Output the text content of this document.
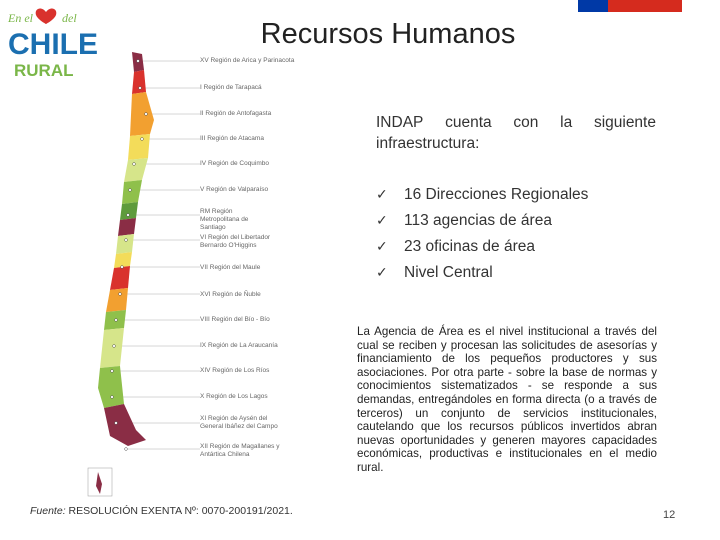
En el del
CHILE
RURAL
Recursos Humanos
XV Región de Arica y Parinacota
I Región de Tarapacá
II Región de Antofagasta
III Región de Atacama
IV Región de Coquimbo
V Región de Valparaíso
RM Región Metropolitana de Santiago
VI Región del Libertador Bernardo O'Higgins
VII Región del Maule
XVI Región de Ñuble
VIII Región del Bío - Bío
IX Región de La Araucanía
XIV Región de Los Ríos
X Región de Los Lagos
XI Región de Aysén del General Ibáñez del Campo
XII Región de Magallanes y Antártica Chilena
INDAP cuenta con la siguiente
infraestructura:
✓	16 Direcciones Regionales
✓	113 agencias de área
✓	23 oficinas de área
✓	Nivel Central
La Agencia de Área es el nivel institucional a través del cual se reciben y procesan las solicitudes de asesorías y financiamiento de los pequeños productores y sus asociaciones. Por otra parte - sobre la base de normas y conocimientos sistematizados - se responde a sus demandas, entregándoles en forma directa (o a través de terceros) un conjunto de servicios institucionales, cautelando que los recursos públicos invertidos abran nuevas oportunidades y generen mayores capacidades económicas, productivas e institucionales en el medio rural.
Fuente: RESOLUCIÓN EXENTA Nº: 0070-200191/2021.	12
